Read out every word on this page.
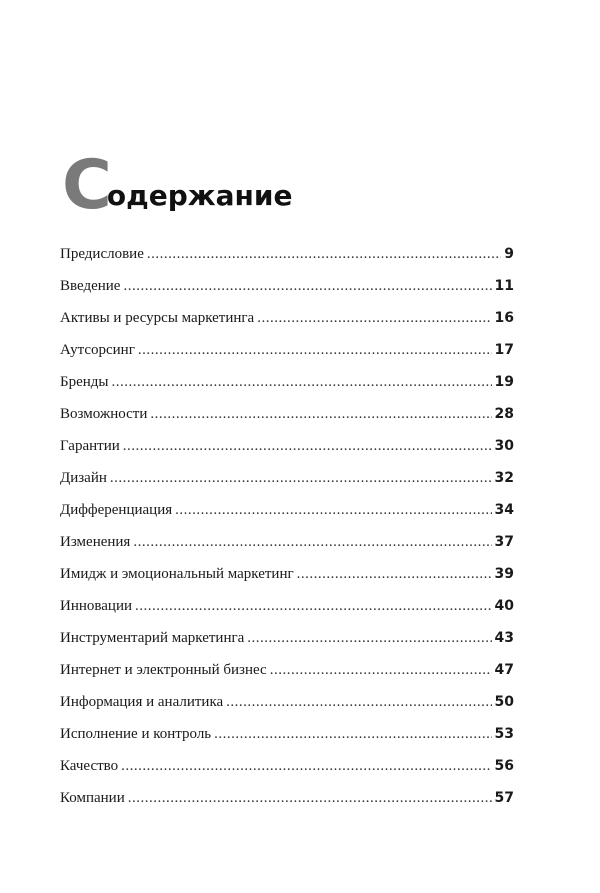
С
одержание
Предисловие .....	9
Введение .....	11
Активы и ресурсы маркетинга .....	16
Аутсорсинг .....	17
Бренды .....	19
Возможности .....	28
Гарантии .....	30
Дизайн .....	32
Дифференциация .....	34
Изменения .....	37
Имидж и эмоциональный маркетинг .....	39
Инновации .....	40
Инструментарий маркетинга .....	43
Интернет и электронный бизнес .....	47
Информация и аналитика .....	50
Исполнение и контроль .....	53
Качество .....	56
Компании .....	57
